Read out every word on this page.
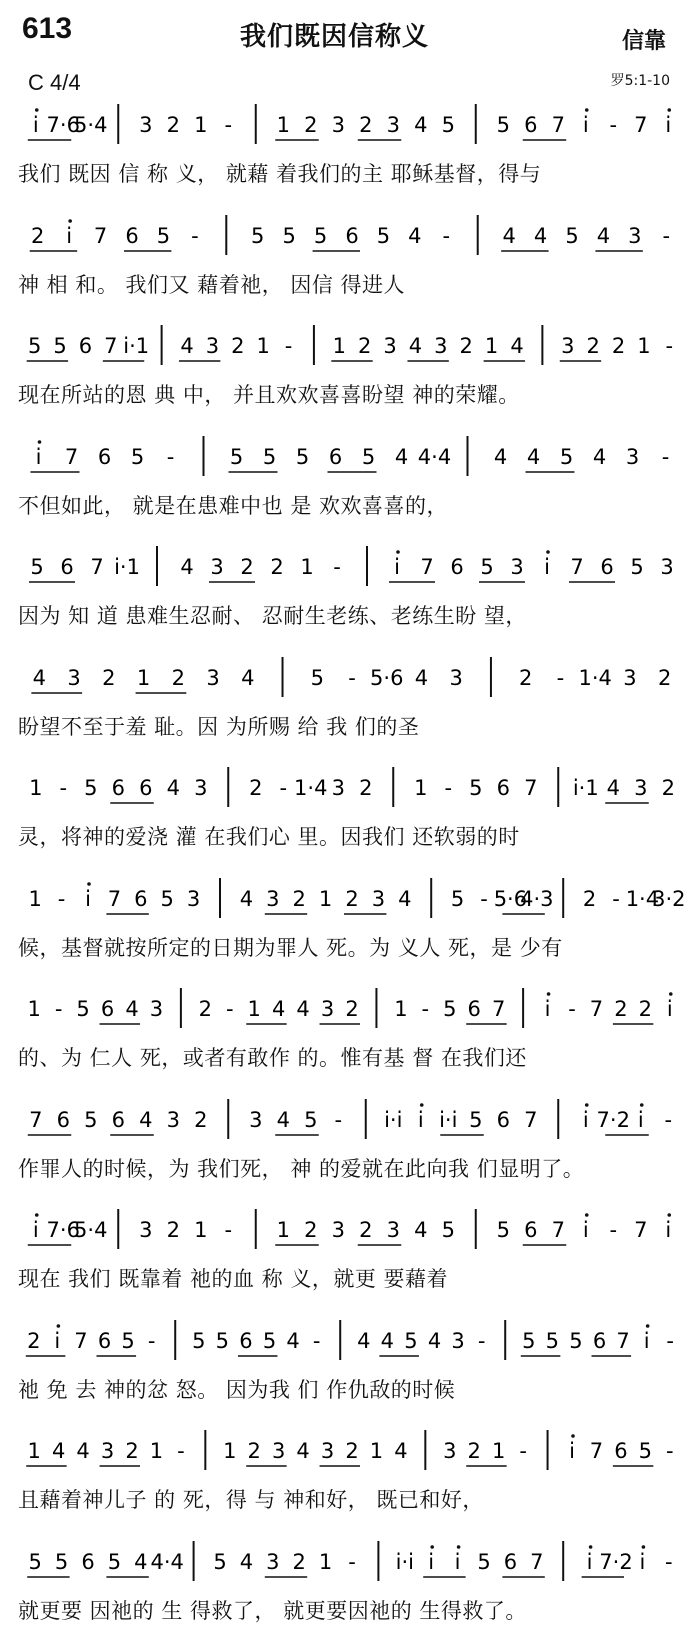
613	我们既因信称义	信靠
C 4/4	罗5:1-10
i 7·6
5·4 3 2 1 - 1 2 3 2 3 4 5 5 6 7 i - 7 i
我们 既因 信 称 义， 就藉 着我们的主 耶稣基督，得与
2 i 7 6 5 - 5 5 5 6 5 4 - 4 4 5 4 3 -
神 相 和。 我们又 藉着祂， 因信 得进人
5 5 6 7 i·1 4 3 2 1 - 1 2 3 4 3 2 1 4 3 2 2 1 -
现在所站的恩 典 中， 并且欢欢喜喜盼望 神的荣耀。
i 7 6 5 -	5 5 5 6 5 4 4·4 4 4 5 4 3 -
不但如此， 就是在患难中也 是 欢欢喜喜的，
5 6 7 i·1 4 3 2 2 1 -	i 7 6 5 3 i 7 6 5 3
因为 知 道 患难生忍耐、 忍耐生老练、老练生盼 望，
4 3 2 1 2 3 4	5 - 5·6 4 3	2 - 1·4 3 2
盼望不至于羞 耻。因 为所赐 给 我 们的圣
1 - 5 6 6 4 3 2 - 1·4 3 2 1 - 5 6 7 i·1 4 3 2
灵，将神的爱浇 灌 在我们心 里。因我们 还软弱的时
1 - i 7 6 5 3 4 3 2 1 2 3 4 5 - 5·6
4·3 2 - 1·4
3·2
候，基督就按所定的日期为罪人 死。为 义人 死，是 少有
1 - 5 6 4 3 2 - 1 4 4 3 2 1 - 5 6 7 i - 7 2 2 i
的、为 仁人 死，或者有敢作 的。惟有基 督 在我们还
7 6 5 6 4 3 2 3 4 5 - i·i i i·i 5 6 7 i 7·2 i -
作罪人的时候，为 我们死， 神 的爱就在此向我 们显明了。
i 7·6
5·4 3 2 1 - 1 2 3 2 3 4 5 5 6 7 i - 7 i
现在 我们 既靠着 祂的血 称 义，就更 要藉着
2 i 7 6 5 - 5 5 6 5 4 - 4 4 5 4 3 - 5 5 5 6 7 i -
祂 免 去 神的忿 怒。 因为我 们 作仇敌的时候
1 4 4 3 2 1 - 1 2 3 4 3 2 1 4 3 2 1 - i 7 6 5 -
且藉着神儿子 的 死，得 与 神和好， 既已和好，
5 5 6 5 4 4·4 5 4 3 2 1 - i·i i i 5 6 7 i 7·2 i -
就更要 因祂的 生 得救了， 就更要因祂的 生得救了。
